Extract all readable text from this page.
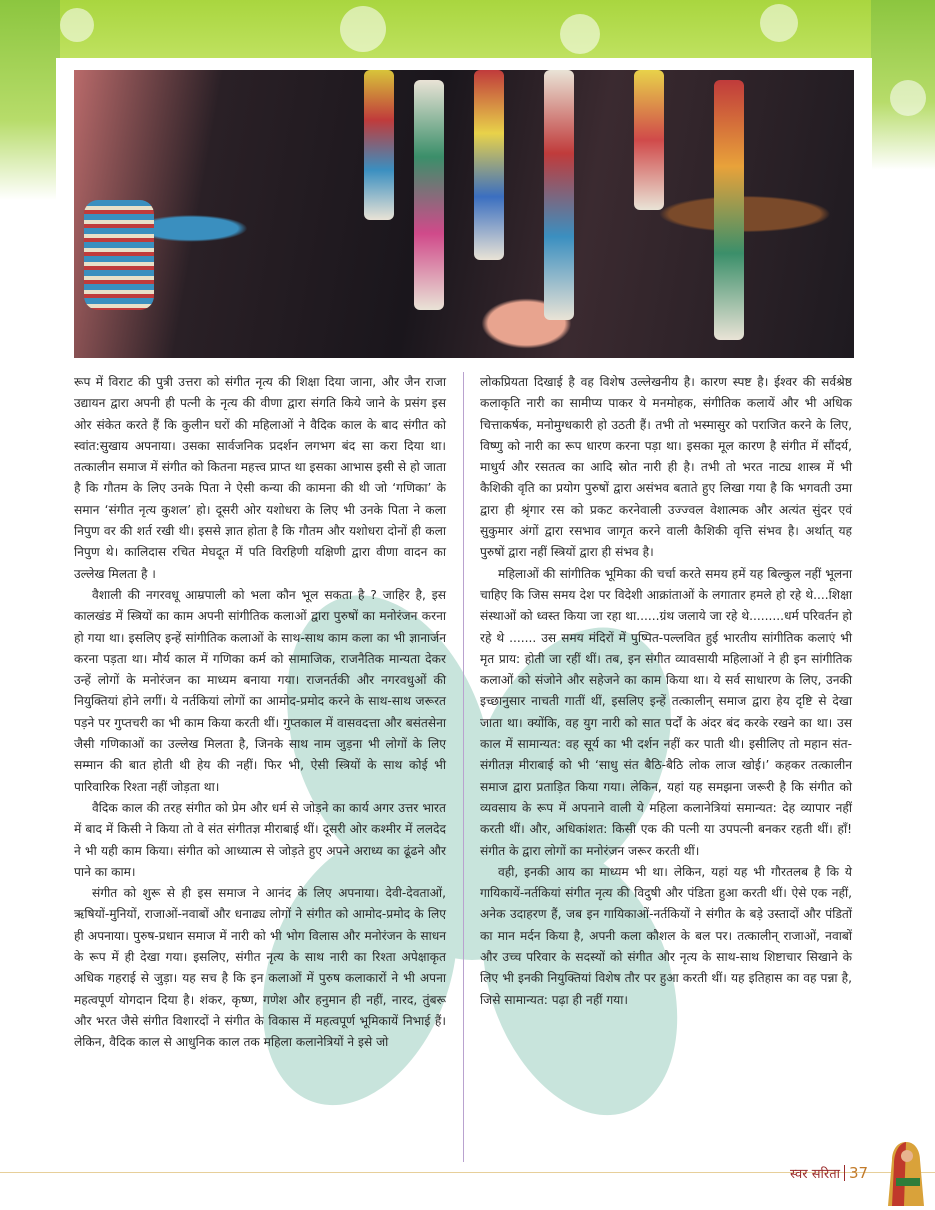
रूप में विराट की पुत्री उत्तरा को संगीत नृत्य की शिक्षा दिया जाना, और जैन राजा उद्यायन द्वारा अपनी ही पत्नी के नृत्य की वीणा द्वारा संगति किये जाने के प्रसंग इस ओर संकेत करते हैं कि कुलीन घरों की महिलाओं ने वैदिक काल के बाद संगीत को स्वांत:सुखाय अपनाया। उसका सार्वजनिक प्रदर्शन लगभग बंद सा करा दिया था। तत्कालीन समाज में संगीत को कितना महत्त्व प्राप्त था इसका आभास इसी से हो जाता है कि गौतम के लिए उनके पिता ने ऐसी कन्या की कामना की थी जो ‘गणिका’ के समान ‘संगीत नृत्य कुशल’ हो। दूसरी ओर यशोधरा के लिए भी उनके पिता ने कला निपुण वर की शर्त रखी थी। इससे ज्ञात होता है कि गौतम और यशोधरा दोनों ही कला निपुण थे। कालिदास रचित मेघदूत में पति विरहिणी यक्षिणी द्वारा वीणा वादन का उल्लेख मिलता है ।

वैशाली की नगरवधू आम्रपाली को भला कौन भूल सकता है ? जाहिर है, इस कालखंड में स्त्रियों का काम अपनी सांगीतिक कलाओं द्वारा पुरुषों का मनोरंजन करना हो गया था। इसलिए इन्हें सांगीतिक कलाओं के साथ-साथ काम कला का भी ज्ञानार्जन करना पड़ता था। मौर्य काल में गणिका कर्म को सामाजिक, राजनैतिक मान्यता देकर उन्हें लोगों के मनोरंजन का माध्यम बनाया गया। राजनर्तकी और नगरवधुओं की नियुक्तियां होने लगीं। ये नर्तकियां लोगों का आमोद-प्रमोद करने के साथ-साथ जरूरत पड़ने पर गुप्तचरी का भी काम किया करती थीं। गुप्तकाल में वासवदत्ता और बसंतसेना जैसी गणिकाओं का उल्लेख मिलता है, जिनके साथ नाम जुड़ना भी लोगों के लिए सम्मान की बात होती थी हेय की नहीं। फिर भी, ऐसी स्त्रियों के साथ कोई भी पारिवारिक रिश्ता नहीं जोड़ता था।

वैदिक काल की तरह संगीत को प्रेम और धर्म से जोड़ने का कार्य अगर उत्तर भारत में बाद में किसी ने किया तो वे संत संगीतज्ञ मीराबाई थीं। दूसरी ओर कश्मीर में ललदेद ने भी यही काम किया। संगीत को आध्यात्म से जोड़ते हुए अपने अराध्य का ढूंढने और पाने का काम।

संगीत को शुरू से ही इस समाज ने आनंद के लिए अपनाया। देवी-देवताओं, ऋषियों-मुनियों, राजाओं-नवाबों और धनाढ्य लोगों ने संगीत को आमोद-प्रमोद के लिए ही अपनाया। पुरुष-प्रधान समाज में नारी को भी भोग विलास और मनोरंजन के साधन के रूप में ही देखा गया। इसलिए, संगीत नृत्य के साथ नारी का रिश्ता अपेक्षाकृत अधिक गहराई से जुड़ा। यह सच है कि इन कलाओं में पुरुष कलाकारों ने भी अपना महत्वपूर्ण योगदान दिया है। शंकर, कृष्ण, गणेश और हनुमान ही नहीं, नारद, तुंबरू और भरत जैसे संगीत विशारदों ने संगीत के विकास में महत्वपूर्ण भूमिकायें निभाई हैं। लेकिन, वैदिक काल से आधुनिक काल तक महिला कलानेत्रियों ने इसे जो

लोकप्रियता दिखाई है वह विशेष उल्लेखनीय है। कारण स्पष्ट है। ईश्वर की सर्वश्रेष्ठ कलाकृति नारी का सामीप्य पाकर ये मनमोहक, संगीतिक कलायें और भी अधिक चित्ताकर्षक, मनोमुग्धकारी हो उठती हैं। तभी तो भस्मासुर को पराजित करने के लिए, विष्णु को नारी का रूप धारण करना पड़ा था। इसका मूल कारण है संगीत में सौंदर्य, माधुर्य और रसतत्व का आदि स्रोत नारी ही है। तभी तो भरत नाट्य शास्त्र में भी कैशिकी वृति का प्रयोग पुरुषों द्वारा असंभव बताते हुए लिखा गया है कि भगवती उमा द्वारा ही श्रृंगार रस को प्रकट करनेवाली उज्ज्वल वेशात्मक और अत्यंत सुंदर एवं सुकुमार अंगों द्वारा रसभाव जागृत करने वाली कैशिकी वृत्ति संभव है। अर्थात् यह पुरुषों द्वारा नहीं स्त्रियों द्वारा ही संभव है।

महिलाओं की सांगीतिक भूमिका की चर्चा करते समय हमें यह बिल्कुल नहीं भूलना चाहिए कि जिस समय देश पर विदेशी आक्रांताओं के लगातार हमले हो रहे थे....शिक्षा संस्थाओं को ध्वस्त किया जा रहा था......ग्रंथ जलाये जा रहे थे.........धर्म परिवर्तन हो रहे थे ....... उस समय मंदिरों में पुष्पित-पल्लवित हुई भारतीय सांगीतिक कलाएं भी मृत प्राय: होती जा रहीं थीं। तब, इन संगीत व्यावसायी महिलाओं ने ही इन सांगीतिक कलाओं को संजोने और सहेजने का काम किया था। ये सर्व साधारण के लिए, उनकी इच्छानुसार नाचती गातीं थीं, इसलिए इन्हें तत्कालीन् समाज द्वारा हेय दृष्टि से देखा जाता था। क्योंकि, वह युग नारी को सात पर्दों के अंदर बंद करके रखने का था। उस काल में सामान्यत: वह सूर्य का भी दर्शन नहीं कर पाती थी। इसीलिए तो महान संत-संगीतज्ञ मीराबाई को भी ‘साधु संत बैठि-बैठि लोक लाज खोई।’ कहकर तत्कालीन समाज द्वारा प्रताड़ित किया गया। लेकिन, यहां यह समझना जरूरी है कि संगीत को व्यवसाय के रूप में अपनाने वाली ये महिला कलानेत्रियां समान्यत: देह व्यापार नहीं करती थीं। और, अधिकांशत: किसी एक की पत्नी या उपपत्नी बनकर रहती थीं। हाँ! संगीत के द्वारा लोगों का मनोरंजन जरूर करती थीं।

वही, इनकी आय का माध्यम भी था। लेकिन, यहां यह भी गौरतलब है कि ये गायिकायें-नर्तकियां संगीत नृत्य की विदुषी और पंडिता हुआ करती थीं। ऐसे एक नहीं, अनेक उदाहरण हैं, जब इन गायिकाओं-नर्तकियों ने संगीत के बड़े उस्तादों और पंडितों का मान मर्दन किया है, अपनी कला कौशल के बल पर। तत्कालीन् राजाओं, नवाबों और उच्च परिवार के सदस्यों को संगीत और नृत्य के साथ-साथ शिष्टाचार सिखाने के लिए भी इनकी नियुक्तियां विशेष तौर पर हुआ करती थीं। यह इतिहास का वह पन्ना है, जिसे सामान्यत: पढ़ा ही नहीं गया।

स्वर सरिता 37
